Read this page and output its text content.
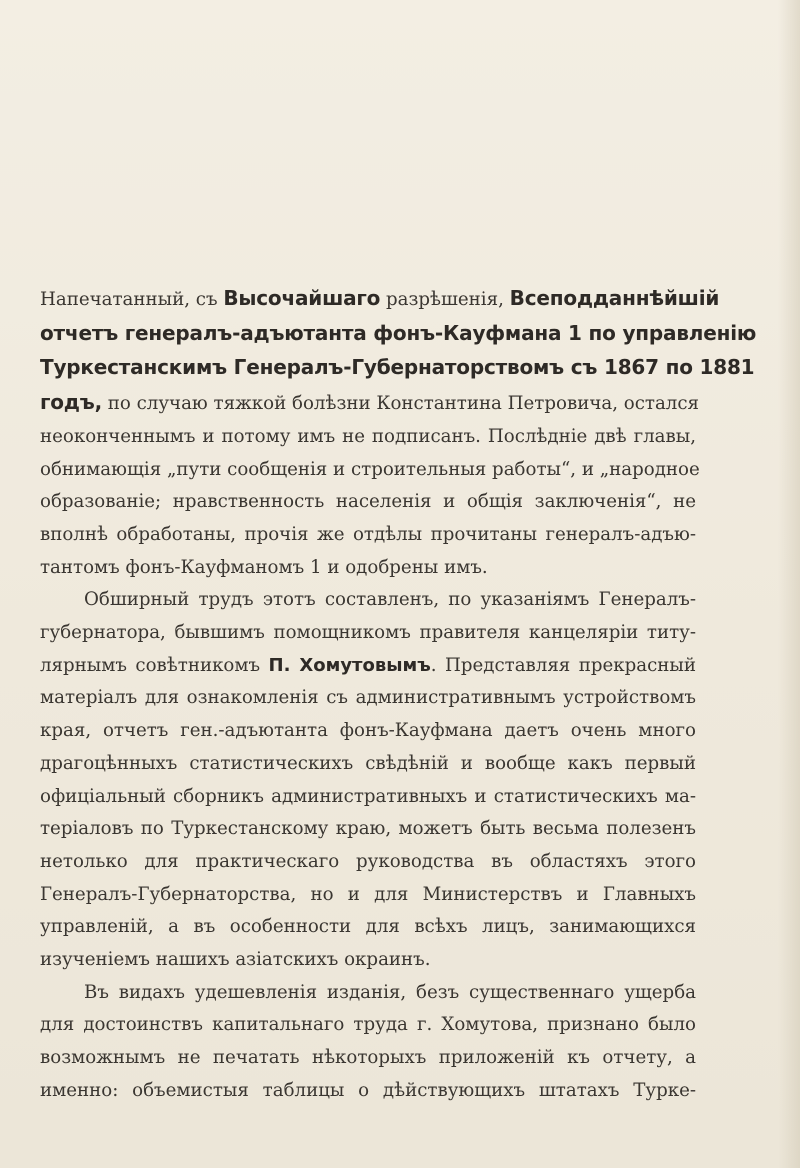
Напечатанный, съ Высочайшаго разрѣшенія, Всеподданнѣйшій
отчетъ генералъ-адъютанта фонъ-Кауфмана 1 по управленію
Туркестанскимъ Генералъ-Губернаторствомъ съ 1867 по 1881
годъ, по случаю тяжкой болѣзни Константина Петровича, остался
неоконченнымъ и потому имъ не подписанъ. Послѣдніе двѣ главы,
обнимающія „пути сообщенія и строительныя работы“, и „народное
образованіе; нравственность населенія и общія заключенія“, не
вполнѣ обработаны, прочія же отдѣлы прочитаны генералъ-адъю-
тантомъ фонъ-Кауфманомъ 1 и одобрены имъ.

Обширный трудъ этотъ составленъ, по указаніямъ Генералъ-
губернатора, бывшимъ помощникомъ правителя канцеляріи титу-
лярнымъ совѣтникомъ П. Хомутовымъ. Представляя прекрасный
матеріалъ для ознакомленія съ административнымъ устройствомъ
края, отчетъ ген.-адъютанта фонъ-Кауфмана даетъ очень много
драгоцѣнныхъ статистическихъ свѣдѣній и вообще какъ первый
офиціальный сборникъ административныхъ и статистическихъ ма-
теріаловъ по Туркестанскому краю, можетъ быть весьма полезенъ
нетолько для практическаго руководства въ областяхъ этого
Генералъ-Губернаторства, но и для Министерствъ и Главныхъ
управленій, а въ особенности для всѣхъ лицъ, занимающихся
изученіемъ нашихъ азіатскихъ окраинъ.

Въ видахъ удешевленія изданія, безъ существеннаго ущерба
для достоинствъ капитальнаго труда г. Хомутова, признано было
возможнымъ не печатать нѣкоторыхъ приложеній къ отчету, а
именно: объемистыя таблицы о дѣйствующихъ штатахъ Турке-
